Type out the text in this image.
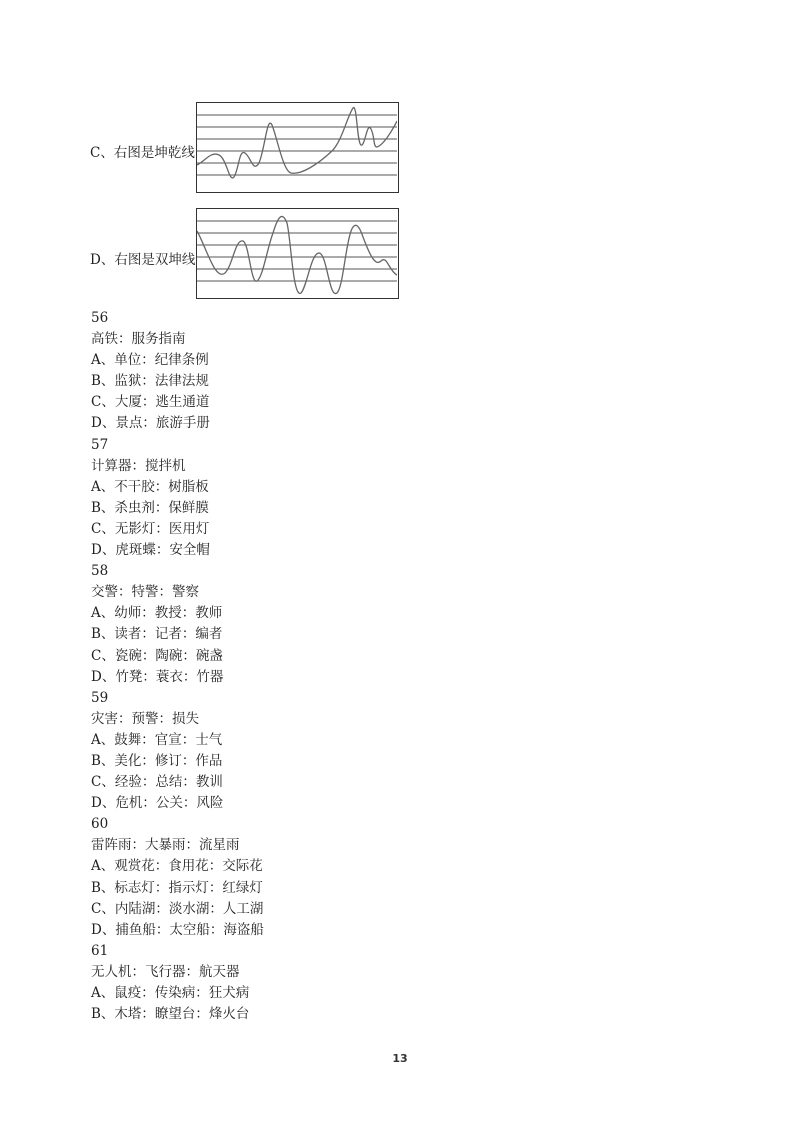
C、右图是坤乾线
D、右图是双坤线
56
高铁：服务指南
A、单位：纪律条例
B、监狱：法律法规
C、大厦：逃生通道
D、景点：旅游手册
57
计算器：搅拌机
A、不干胶：树脂板
B、杀虫剂：保鲜膜
C、无影灯：医用灯
D、虎斑蝶：安全帽
58
交警：特警：警察
A、幼师：教授：教师
B、读者：记者：编者
C、瓷碗：陶碗：碗盏
D、竹凳：蓑衣：竹器
59
灾害：预警：损失
A、鼓舞：官宣：士气
B、美化：修订：作品
C、经验：总结：教训
D、危机：公关：风险
60
雷阵雨：大暴雨：流星雨
A、观赏花：食用花：交际花
B、标志灯：指示灯：红绿灯
C、内陆湖：淡水湖：人工湖
D、捕鱼船：太空船：海盗船
61
无人机：飞行器：航天器
A、鼠疫：传染病：狂犬病
B、木塔：瞭望台：烽火台
13
